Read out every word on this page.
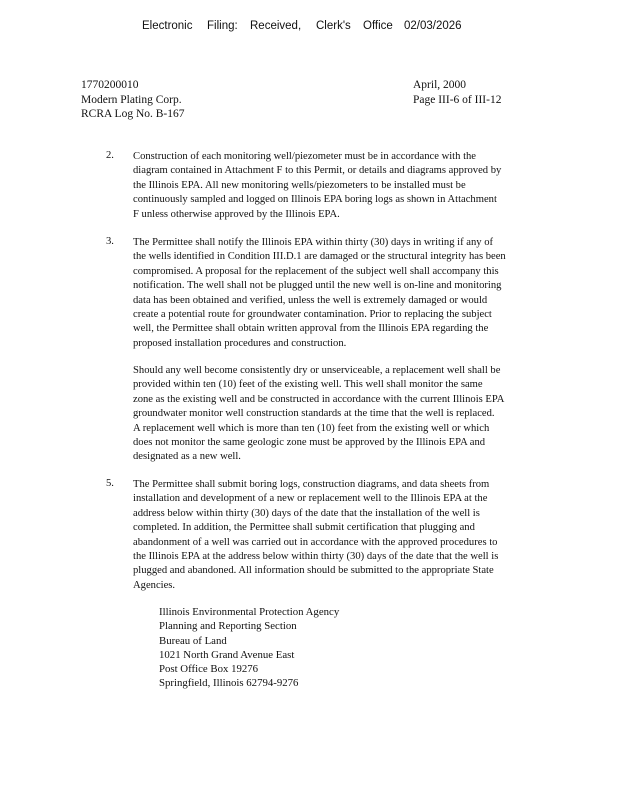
Electronic Filing: Received, Clerk's Office 02/03/2026
1770200010
Modern Plating Corp.
RCRA Log No. B-167
April, 2000
Page III-6 of III-12
2. Construction of each monitoring well/piezometer must be in accordance with the
diagram contained in Attachment F to this Permit, or details and diagrams approved by
the Illinois EPA. All new monitoring wells/piezometers to be installed must be
continuously sampled and logged on Illinois EPA boring logs as shown in Attachment
F unless otherwise approved by the Illinois EPA.
3. The Permittee shall notify the Illinois EPA within thirty (30) days in writing if any of
the wells identified in Condition III.D.1 are damaged or the structural integrity has been
compromised. A proposal for the replacement of the subject well shall accompany this
notification. The well shall not be plugged until the new well is on-line and monitoring
data has been obtained and verified, unless the well is extremely damaged or would
create a potential route for groundwater contamination. Prior to replacing the subject
well, the Permittee shall obtain written approval from the Illinois EPA regarding the
proposed installation procedures and construction.
Should any well become consistently dry or unserviceable, a replacement well shall be
provided within ten (10) feet of the existing well. This well shall monitor the same
zone as the existing well and be constructed in accordance with the current Illinois EPA
groundwater monitor well construction standards at the time that the well is replaced.
A replacement well which is more than ten (10) feet from the existing well or which
does not monitor the same geologic zone must be approved by the Illinois EPA and
designated as a new well.
5. The Permittee shall submit boring logs, construction diagrams, and data sheets from
installation and development of a new or replacement well to the Illinois EPA at the
address below within thirty (30) days of the date that the installation of the well is
completed. In addition, the Permittee shall submit certification that plugging and
abandonment of a well was carried out in accordance with the approved procedures to
the Illinois EPA at the address below within thirty (30) days of the date that the well is
plugged and abandoned. All information should be submitted to the appropriate State
Agencies.
Illinois Environmental Protection Agency
Planning and Reporting Section
Bureau of Land
1021 North Grand Avenue East
Post Office Box 19276
Springfield, Illinois 62794-9276
